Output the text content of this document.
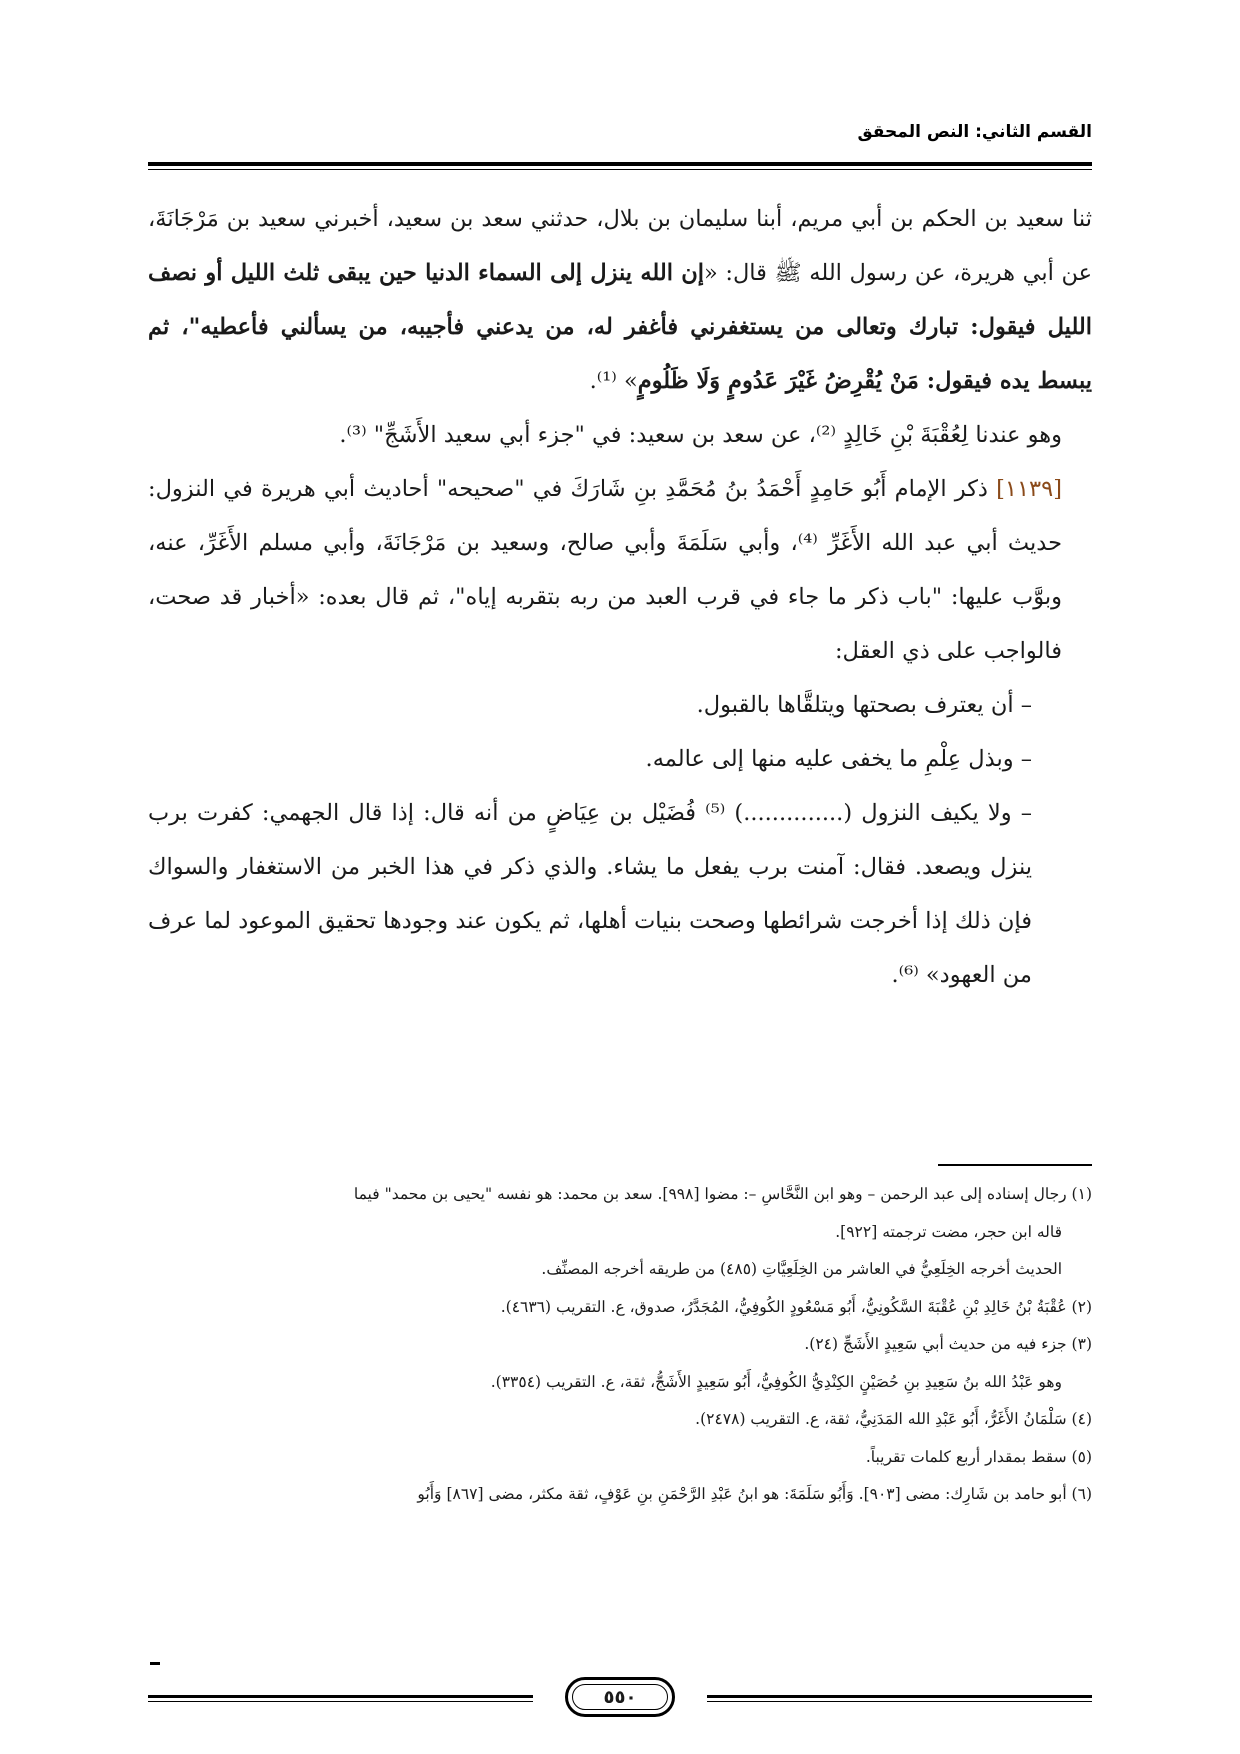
القسم الثاني: النص المحقق

ثنا سعيد بن الحكم بن أبي مريم، أبنا سليمان بن بلال، حدثني سعد بن سعيد، أخبرني سعيد بن مَرْجَانَةَ، عن أبي هريرة، عن رسول الله ﷺ قال: «إن الله ينزل إلى السماء الدنيا حين يبقى ثلث الليل أو نصف الليل فيقول: تبارك وتعالى من يستغفرني فأغفر له، من يدعني فأجيبه، من يسألني فأعطيه"، ثم يبسط يده فيقول: مَنْ يُقْرِضُ غَيْرَ عَدُومٍ وَلَا ظَلُومٍ» ⁽¹⁾.

وهو عندنا لِعُقْبَةَ بْنِ خَالِدٍ ⁽²⁾، عن سعد بن سعيد: في "جزء أبي سعيد الأَشَجِّ" ⁽³⁾.

[١١٣٩] ذكر الإمام أَبُو حَامِدٍ أَحْمَدُ بنُ مُحَمَّدِ بنِ شَارَكَ في "صحيحه" أحاديث أبي هريرة في النزول: حديث أبي عبد الله الأَغَرِّ ⁽⁴⁾، وأبي سَلَمَةَ وأبي صالح، وسعيد بن مَرْجَانَةَ، وأبي مسلم الأَغَرِّ، عنه، وبوَّب عليها: "باب ذكر ما جاء في قرب العبد من ربه بتقربه إياه"، ثم قال بعده: «أخبار قد صحت، فالواجب على ذي العقل:

– أن يعترف بصحتها ويتلقَّاها بالقبول.

– وبذل عِلْمِ ما يخفى عليه منها إلى عالمه.

– ولا يكيف النزول (..............) ⁽⁵⁾ فُضَيْل بن عِيَاضٍ من أنه قال: إذا قال الجهمي: كفرت برب ينزل ويصعد. فقال: آمنت برب يفعل ما يشاء. والذي ذكر في هذا الخبر من الاستغفار والسواك فإن ذلك إذا أخرجت شرائطها وصحت بنيات أهلها، ثم يكون عند وجودها تحقيق الموعود لما عرف من العهود» ⁽⁶⁾.

(١) رجال إسناده إلى عبد الرحمن – وهو ابن النَّحَّاسِ –: مضوا [٩٩٨]. سعد بن محمد: هو نفسه "يحيى بن محمد" فيما

قاله ابن حجر، مضت ترجمته [٩٢٢].

الحديث أخرجه الخِلَعِيُّ في العاشر من الخِلَعِيَّاتِ (٤٨٥) من طريقه أخرجه المصنِّف.

(٢) عُقْبَةُ بْنُ خَالِدِ بْنِ عُقْبَةَ السَّكُونِيُّ، أَبُو مَسْعُودٍ الكُوفِيُّ، المُجَدَّرُ، صدوق، ع. التقريب (٤٦٣٦).

(٣) جزء فيه من حديث أبي سَعِيدٍ الأَشَجِّ (٢٤).

وهو عَبْدُ الله بنُ سَعِيدِ بنِ حُصَيْنٍ الكِنْدِيُّ الكُوفِيُّ، أَبُو سَعِيدٍ الأَشَجُّ، ثقة، ع. التقريب (٣٣٥٤).

(٤) سَلْمَانُ الأَغَرُّ، أَبُو عَبْدِ الله المَدَنِيُّ، ثقة، ع. التقريب (٢٤٧٨).

(٥) سقط بمقدار أربع كلمات تقريباً.

(٦) أبو حامد بن شَارِك: مضى [٩٠٣]. وَأَبُو سَلَمَةَ: هو ابنُ عَبْدِ الرَّحْمَنِ بنِ عَوْفٍ، ثقة مكثر، مضى [٨٦٧] وَأَبُو

٥٥٠
